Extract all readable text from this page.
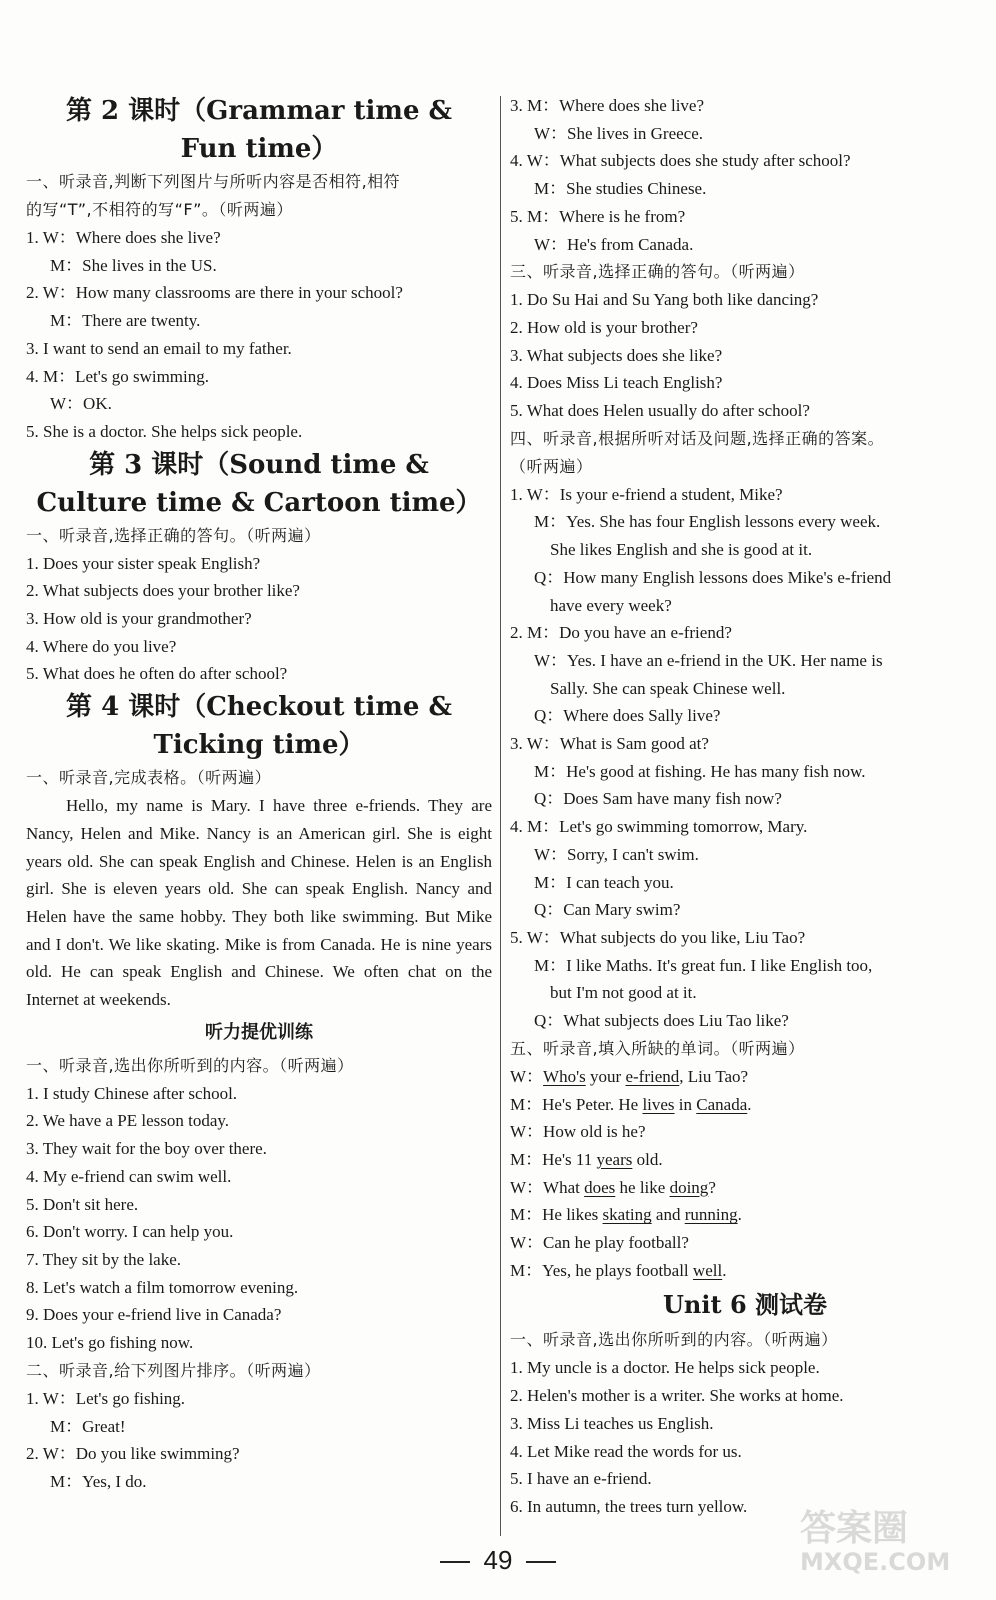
第 2 课时（Grammar time &

Fun time）

一、听录音,判断下列图片与所听内容是否相符,相符

的写“T”,不相符的写“F”。（听两遍）

1. W：Where does she live?

M：She lives in the US.

2. W：How many classrooms are there in your school?

M：There are twenty.

3. I want to send an email to my father.

4. M：Let's go swimming.

W：OK.

5. She is a doctor. She helps sick people.

第 3 课时（Sound time &

Culture time & Cartoon time）

一、听录音,选择正确的答句。（听两遍）

1. Does your sister speak English?

2. What subjects does your brother like?

3. How old is your grandmother?

4. Where do you live?

5. What does he often do after school?

第 4 课时（Checkout time &

Ticking time）

一、听录音,完成表格。（听两遍）

Hello, my name is Mary. I have three e-friends. They are Nancy, Helen and Mike. Nancy is an American girl. She is eight years old. She can speak English and Chinese. Helen is an English girl. She is eleven years old. She can speak English. Nancy and Helen have the same hobby. They both like swimming. But Mike and I don't. We like skating. Mike is from Canada. He is nine years old. He can speak English and Chinese. We often chat on the Internet at weekends.

听力提优训练

一、听录音,选出你所听到的内容。（听两遍）

1. I study Chinese after school.

2. We have a PE lesson today.

3. They wait for the boy over there.

4. My e-friend can swim well.

5. Don't sit here.

6. Don't worry. I can help you.

7. They sit by the lake.

8. Let's watch a film tomorrow evening.

9. Does your e-friend live in Canada?

10. Let's go fishing now.

二、听录音,给下列图片排序。（听两遍）

1. W：Let's go fishing.

M：Great!

2. W：Do you like swimming?

M：Yes, I do.

3. M：Where does she live?

W：She lives in Greece.

4. W：What subjects does she study after school?

M：She studies Chinese.

5. M：Where is he from?

W：He's from Canada.

三、听录音,选择正确的答句。（听两遍）

1. Do Su Hai and Su Yang both like dancing?

2. How old is your brother?

3. What subjects does she like?

4. Does Miss Li teach English?

5. What does Helen usually do after school?

四、听录音,根据所听对话及问题,选择正确的答案。

（听两遍）

1. W：Is your e-friend a student, Mike?

M：Yes. She has four English lessons every week.

She likes English and she is good at it.

Q：How many English lessons does Mike's e-friend

have every week?

2. M：Do you have an e-friend?

W：Yes. I have an e-friend in the UK. Her name is

Sally. She can speak Chinese well.

Q：Where does Sally live?

3. W：What is Sam good at?

M：He's good at fishing. He has many fish now.

Q：Does Sam have many fish now?

4. M：Let's go swimming tomorrow, Mary.

W：Sorry, I can't swim.

M：I can teach you.

Q：Can Mary swim?

5. W：What subjects do you like, Liu Tao?

M：I like Maths. It's great fun. I like English too,

but I'm not good at it.

Q：What subjects does Liu Tao like?

五、听录音,填入所缺的单词。（听两遍）

W：Who's your e-friend, Liu Tao?

M：He's Peter. He lives in Canada.

W：How old is he?

M：He's 11 years old.

W：What does he like doing?

M：He likes skating and running.

W：Can he play football?

M：Yes, he plays football well.

Unit 6 测试卷

一、听录音,选出你所听到的内容。（听两遍）

1. My uncle is a doctor. He helps sick people.

2. Helen's mother is a writer. She works at home.

3. Miss Li teaches us English.

4. Let Mike read the words for us.

5. I have an e-friend.

6. In autumn, the trees turn yellow.

49
答案圈
MXQE.COM
